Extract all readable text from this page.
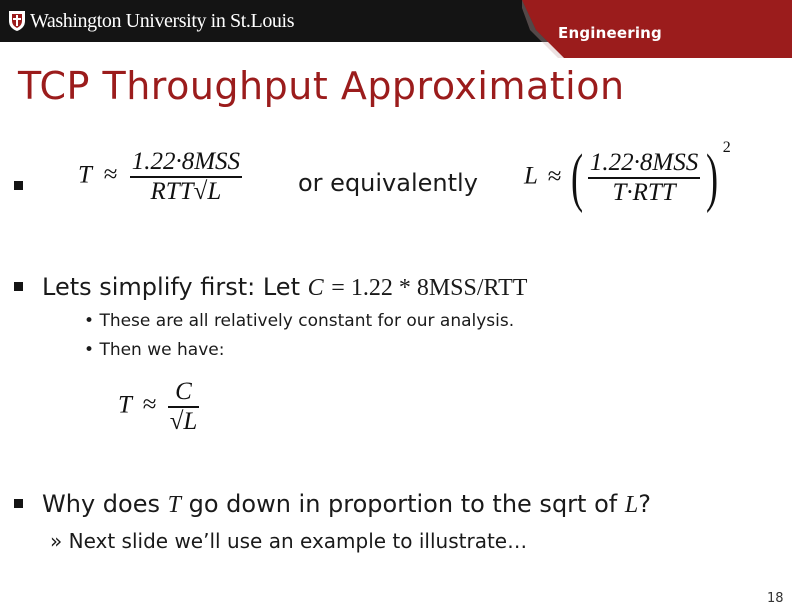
Washington University in St.Louis
Engineering
TCP Throughput Approximation
$T \approx \frac{\text{1.22·8MSS}}{\text{RTT√L}}$ or equivalently L ≈ ( $\frac{\text{1.22·8MSS}}{\text{T·RTT}}$ ) $^2$
Lets simplify first: Let C = 1.22 * 8MSS/RTT
• These are all relatively constant for our analysis.
• Then we have:
$T \approx \frac{C}{√L}$
Why does T go down in proportion to the sqrt of L?
» Next slide we’ll use an example to illustrate…
18
